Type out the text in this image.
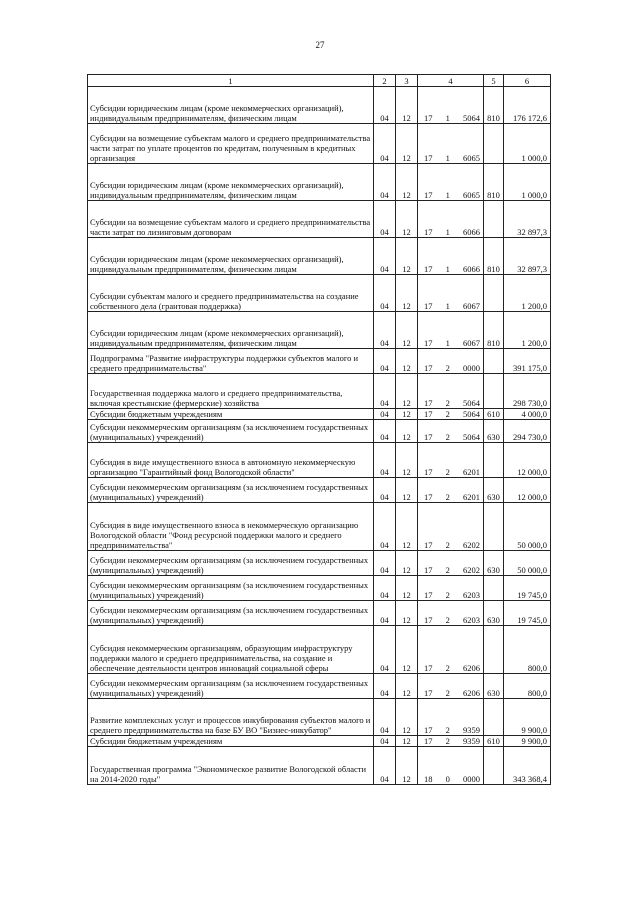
27
1	2	3	4	5	6
Субсидии юридическим лицам (кроме некоммерческих организаций), индивидуальным предпринимателям, физическим лицам	04	12	17 1 5064	810	176 172,6
Субсидии на возмещение субъектам малого и среднего предпринимательства части затрат по уплате процентов по кредитам, полученным в кредитных организация	04	12	17 1 6065		1 000,0
Субсидии юридическим лицам (кроме некоммерческих организаций), индивидуальным предпринимателям, физическим лицам	04	12	17 1 6065	810	1 000,0
Субсидии на возмещение субъектам малого и среднего предпринимательства части затрат по лизинговым договорам	04	12	17 1 6066		32 897,3
Субсидии юридическим лицам (кроме некоммерческих организаций), индивидуальным предпринимателям, физическим лицам	04	12	17 1 6066	810	32 897,3
Субсидии субъектам малого и среднего предпринимательства на создание собственного дела (грантовая поддержка)	04	12	17 1 6067		1 200,0
Субсидии юридическим лицам (кроме некоммерческих организаций), индивидуальным предпринимателям, физическим лицам	04	12	17 1 6067	810	1 200,0
Подпрограмма "Развитие инфраструктуры поддержки субъектов малого и среднего предпринимательства"	04	12	17 2 0000		391 175,0
Государственная поддержка малого и среднего предпринимательства, включая крестьянские (фермерские) хозяйства	04	12	17 2 5064		298 730,0
Субсидии бюджетным учреждениям	04	12	17 2 5064	610	4 000,0
Субсидии некоммерческим организациям (за исключением государственных (муниципальных) учреждений)	04	12	17 2 5064	630	294 730,0
Субсидия в виде имущественного взноса в автономную некоммерческую организацию "Гарантийный фонд Вологодской области"	04	12	17 2 6201		12 000,0
Субсидии некоммерческим организациям (за исключением государственных (муниципальных) учреждений)	04	12	17 2 6201	630	12 000,0
Субсидия в виде имущественного взноса в некоммерческую организацию Вологодской области "Фонд ресурсной поддержки малого и среднего предпринимательства"	04	12	17 2 6202		50 000,0
Субсидии некоммерческим организациям (за исключением государственных (муниципальных) учреждений)	04	12	17 2 6202	630	50 000,0
Субсидии некоммерческим организациям (за исключением государственных (муниципальных) учреждений)	04	12	17 2 6203		19 745,0
Субсидии некоммерческим организациям (за исключением государственных (муниципальных) учреждений)	04	12	17 2 6203	630	19 745,0
Субсидия некоммерческим организациям, образующим инфраструктуру поддержки малого и среднего предпринимательства, на создание и обеспечение деятельности центров инноваций социальной сферы	04	12	17 2 6206		800,0
Субсидии некоммерческим организациям (за исключением государственных (муниципальных) учреждений)	04	12	17 2 6206	630	800,0
Развитие комплексных услуг и процессов инкубирования субъектов малого и среднего предпринимательства на базе БУ ВО "Бизнес-инкубатор"	04	12	17 2 9359		9 900,0
Субсидии бюджетным учреждениям	04	12	17 2 9359	610	9 900,0
Государственная программа "Экономическое развитие Вологодской области на 2014-2020 годы"	04	12	18 0 0000		343 368,4
